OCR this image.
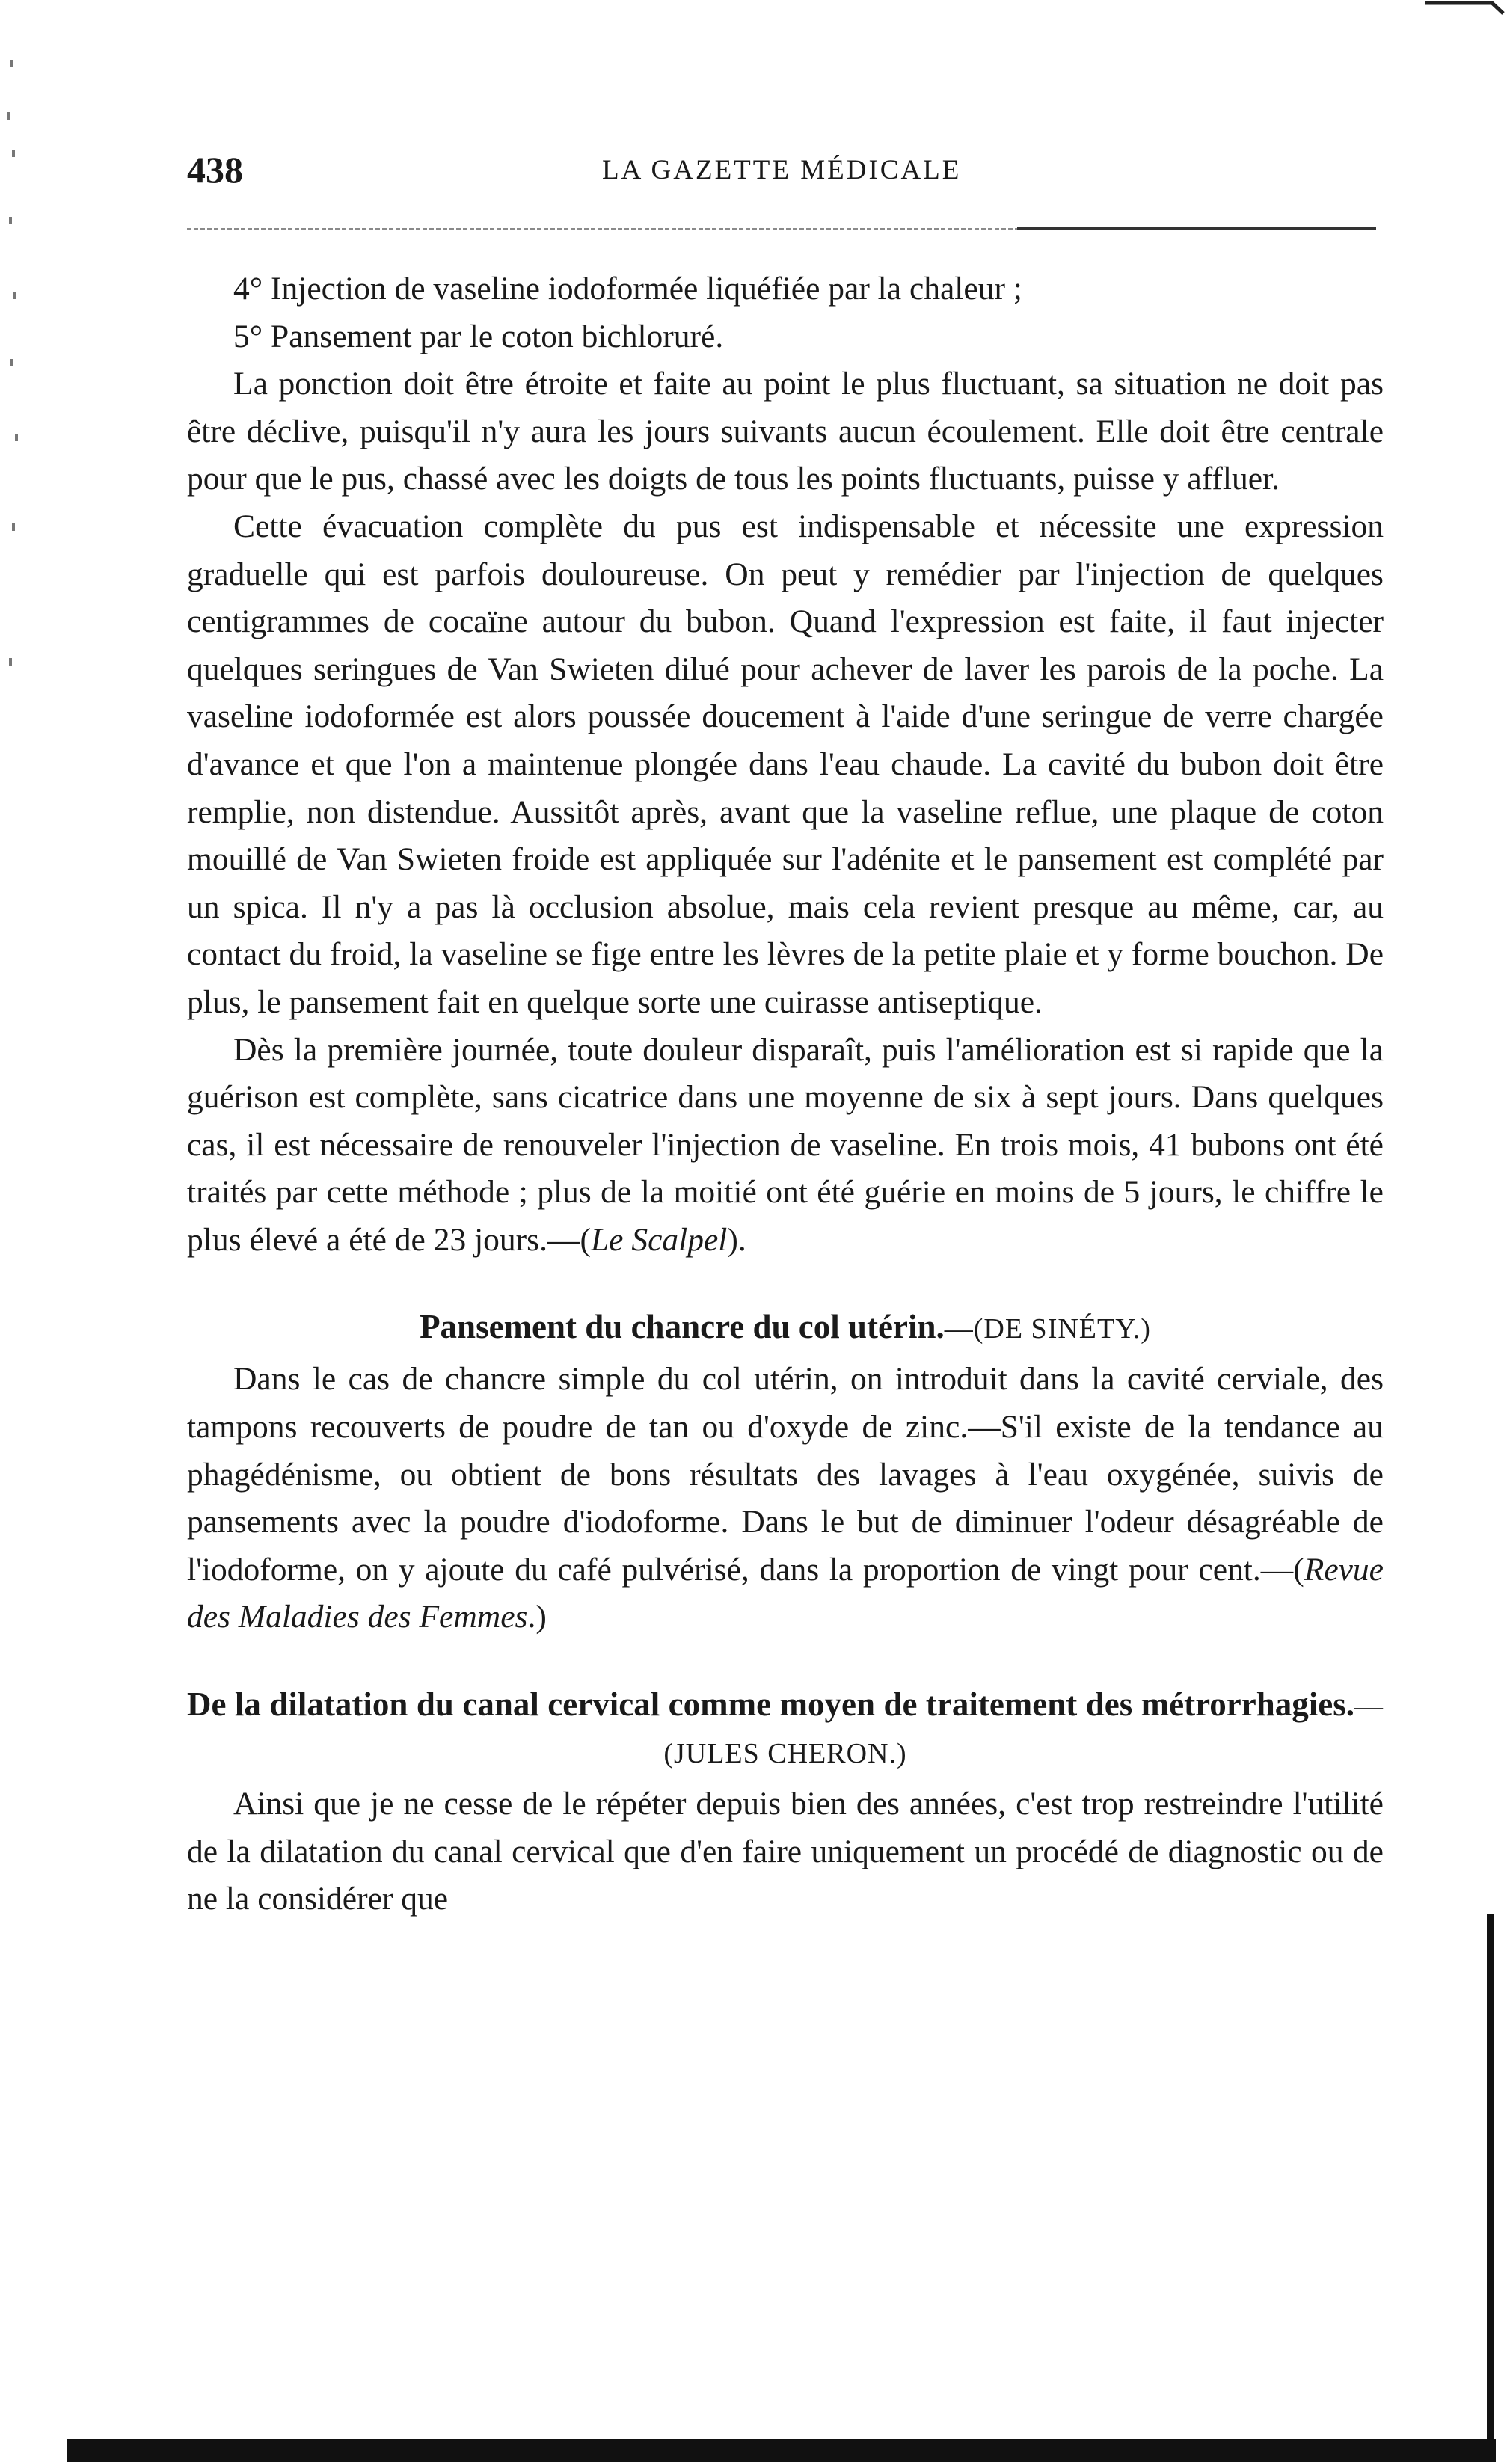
438	LA GAZETTE MÉDICALE

4° Injection de vaseline iodoformée liquéfiée par la chaleur ;

5° Pansement par le coton bichloruré.

La ponction doit être étroite et faite au point le plus fluctuant, sa situation ne doit pas être déclive, puisqu'il n'y aura les jours suivants aucun écoulement. Elle doit être centrale pour que le pus, chassé avec les doigts de tous les points fluctuants, puisse y affluer.

Cette évacuation complète du pus est indispensable et nécessite une expression graduelle qui est parfois douloureuse. On peut y remédier par l'injection de quelques centigrammes de cocaïne autour du bubon. Quand l'expression est faite, il faut injecter quelques seringues de Van Swieten dilué pour achever de laver les parois de la poche. La vaseline iodoformée est alors poussée doucement à l'aide d'une seringue de verre chargée d'avance et que l'on a maintenue plongée dans l'eau chaude. La cavité du bubon doit être remplie, non distendue. Aussitôt après, avant que la vaseline reflue, une plaque de coton mouillé de Van Swieten froide est appliquée sur l'adénite et le pansement est complété par un spica. Il n'y a pas là occlusion absolue, mais cela revient presque au même, car, au contact du froid, la vaseline se fige entre les lèvres de la petite plaie et y forme bouchon. De plus, le pansement fait en quelque sorte une cuirasse antiseptique.

Dès la première journée, toute douleur disparaît, puis l'amélioration est si rapide que la guérison est complète, sans cicatrice dans une moyenne de six à sept jours. Dans quelques cas, il est nécessaire de renouveler l'injection de vaseline. En trois mois, 41 bubons ont été traités par cette méthode ; plus de la moitié ont été guérie en moins de 5 jours, le chiffre le plus élevé a été de 23 jours.—(Le Scalpel).

Pansement du chancre du col utérin.—(DE SINÉTY.)

Dans le cas de chancre simple du col utérin, on introduit dans la cavité cerviale, des tampons recouverts de poudre de tan ou d'oxyde de zinc.—S'il existe de la tendance au phagédénisme, ou obtient de bons résultats des lavages à l'eau oxygénée, suivis de pansements avec la poudre d'iodoforme. Dans le but de diminuer l'odeur désagréable de l'iodoforme, on y ajoute du café pulvérisé, dans la proportion de vingt pour cent.—(Revue des Maladies des Femmes.)

De la dilatation du canal cervical comme moyen de traitement des métrorrhagies.—(JULES CHERON.)

Ainsi que je ne cesse de le répéter depuis bien des années, c'est trop restreindre l'utilité de la dilatation du canal cervical que d'en faire uniquement un procédé de diagnostic ou de ne la considérer que
